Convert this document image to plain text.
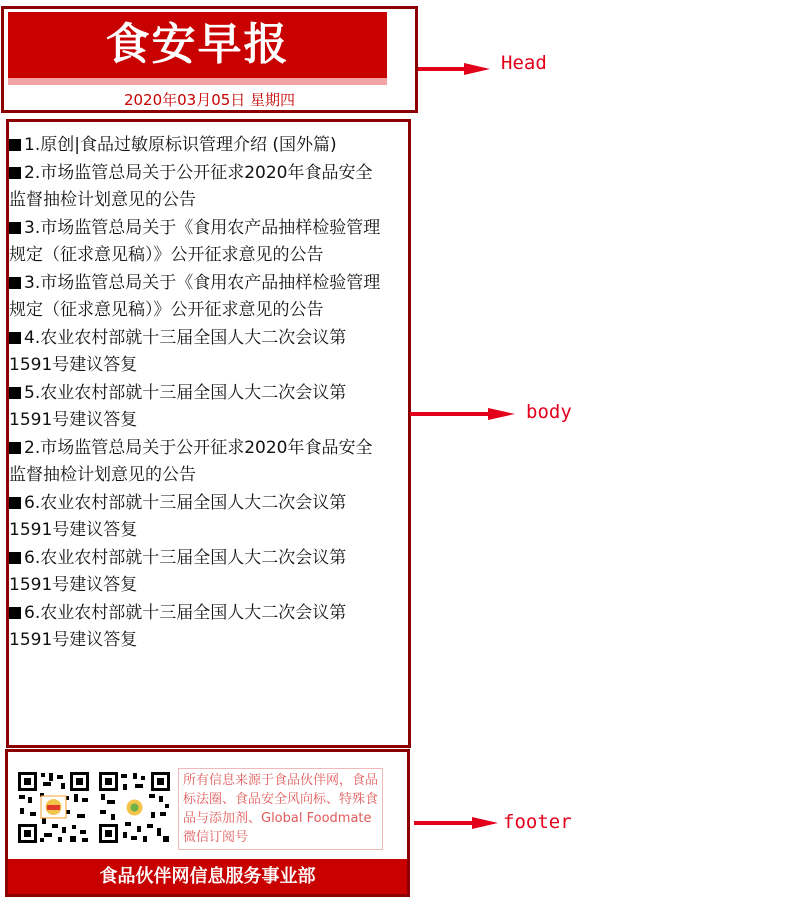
食安早报
2020年03月05日 星期四
1.原创|食品过敏原标识管理介绍 (国外篇)
2.市场监管总局关于公开征求2020年食品安全监督抽检计划意见的公告
3.市场监管总局关于《食用农产品抽样检验管理规定（征求意见稿）》公开征求意见的公告
3.市场监管总局关于《食用农产品抽样检验管理规定（征求意见稿）》公开征求意见的公告
4.农业农村部就十三届全国人大二次会议第1591号建议答复
5.农业农村部就十三届全国人大二次会议第1591号建议答复
2.市场监管总局关于公开征求2020年食品安全监督抽检计划意见的公告
6.农业农村部就十三届全国人大二次会议第1591号建议答复
6.农业农村部就十三届全国人大二次会议第1591号建议答复
6.农业农村部就十三届全国人大二次会议第1591号建议答复
所有信息来源于食品伙伴网，食品标法圈、食品安全风向标、特殊食品与添加剂、Global Foodmate微信订阅号
食品伙伴网信息服务事业部
Head
body
footer
